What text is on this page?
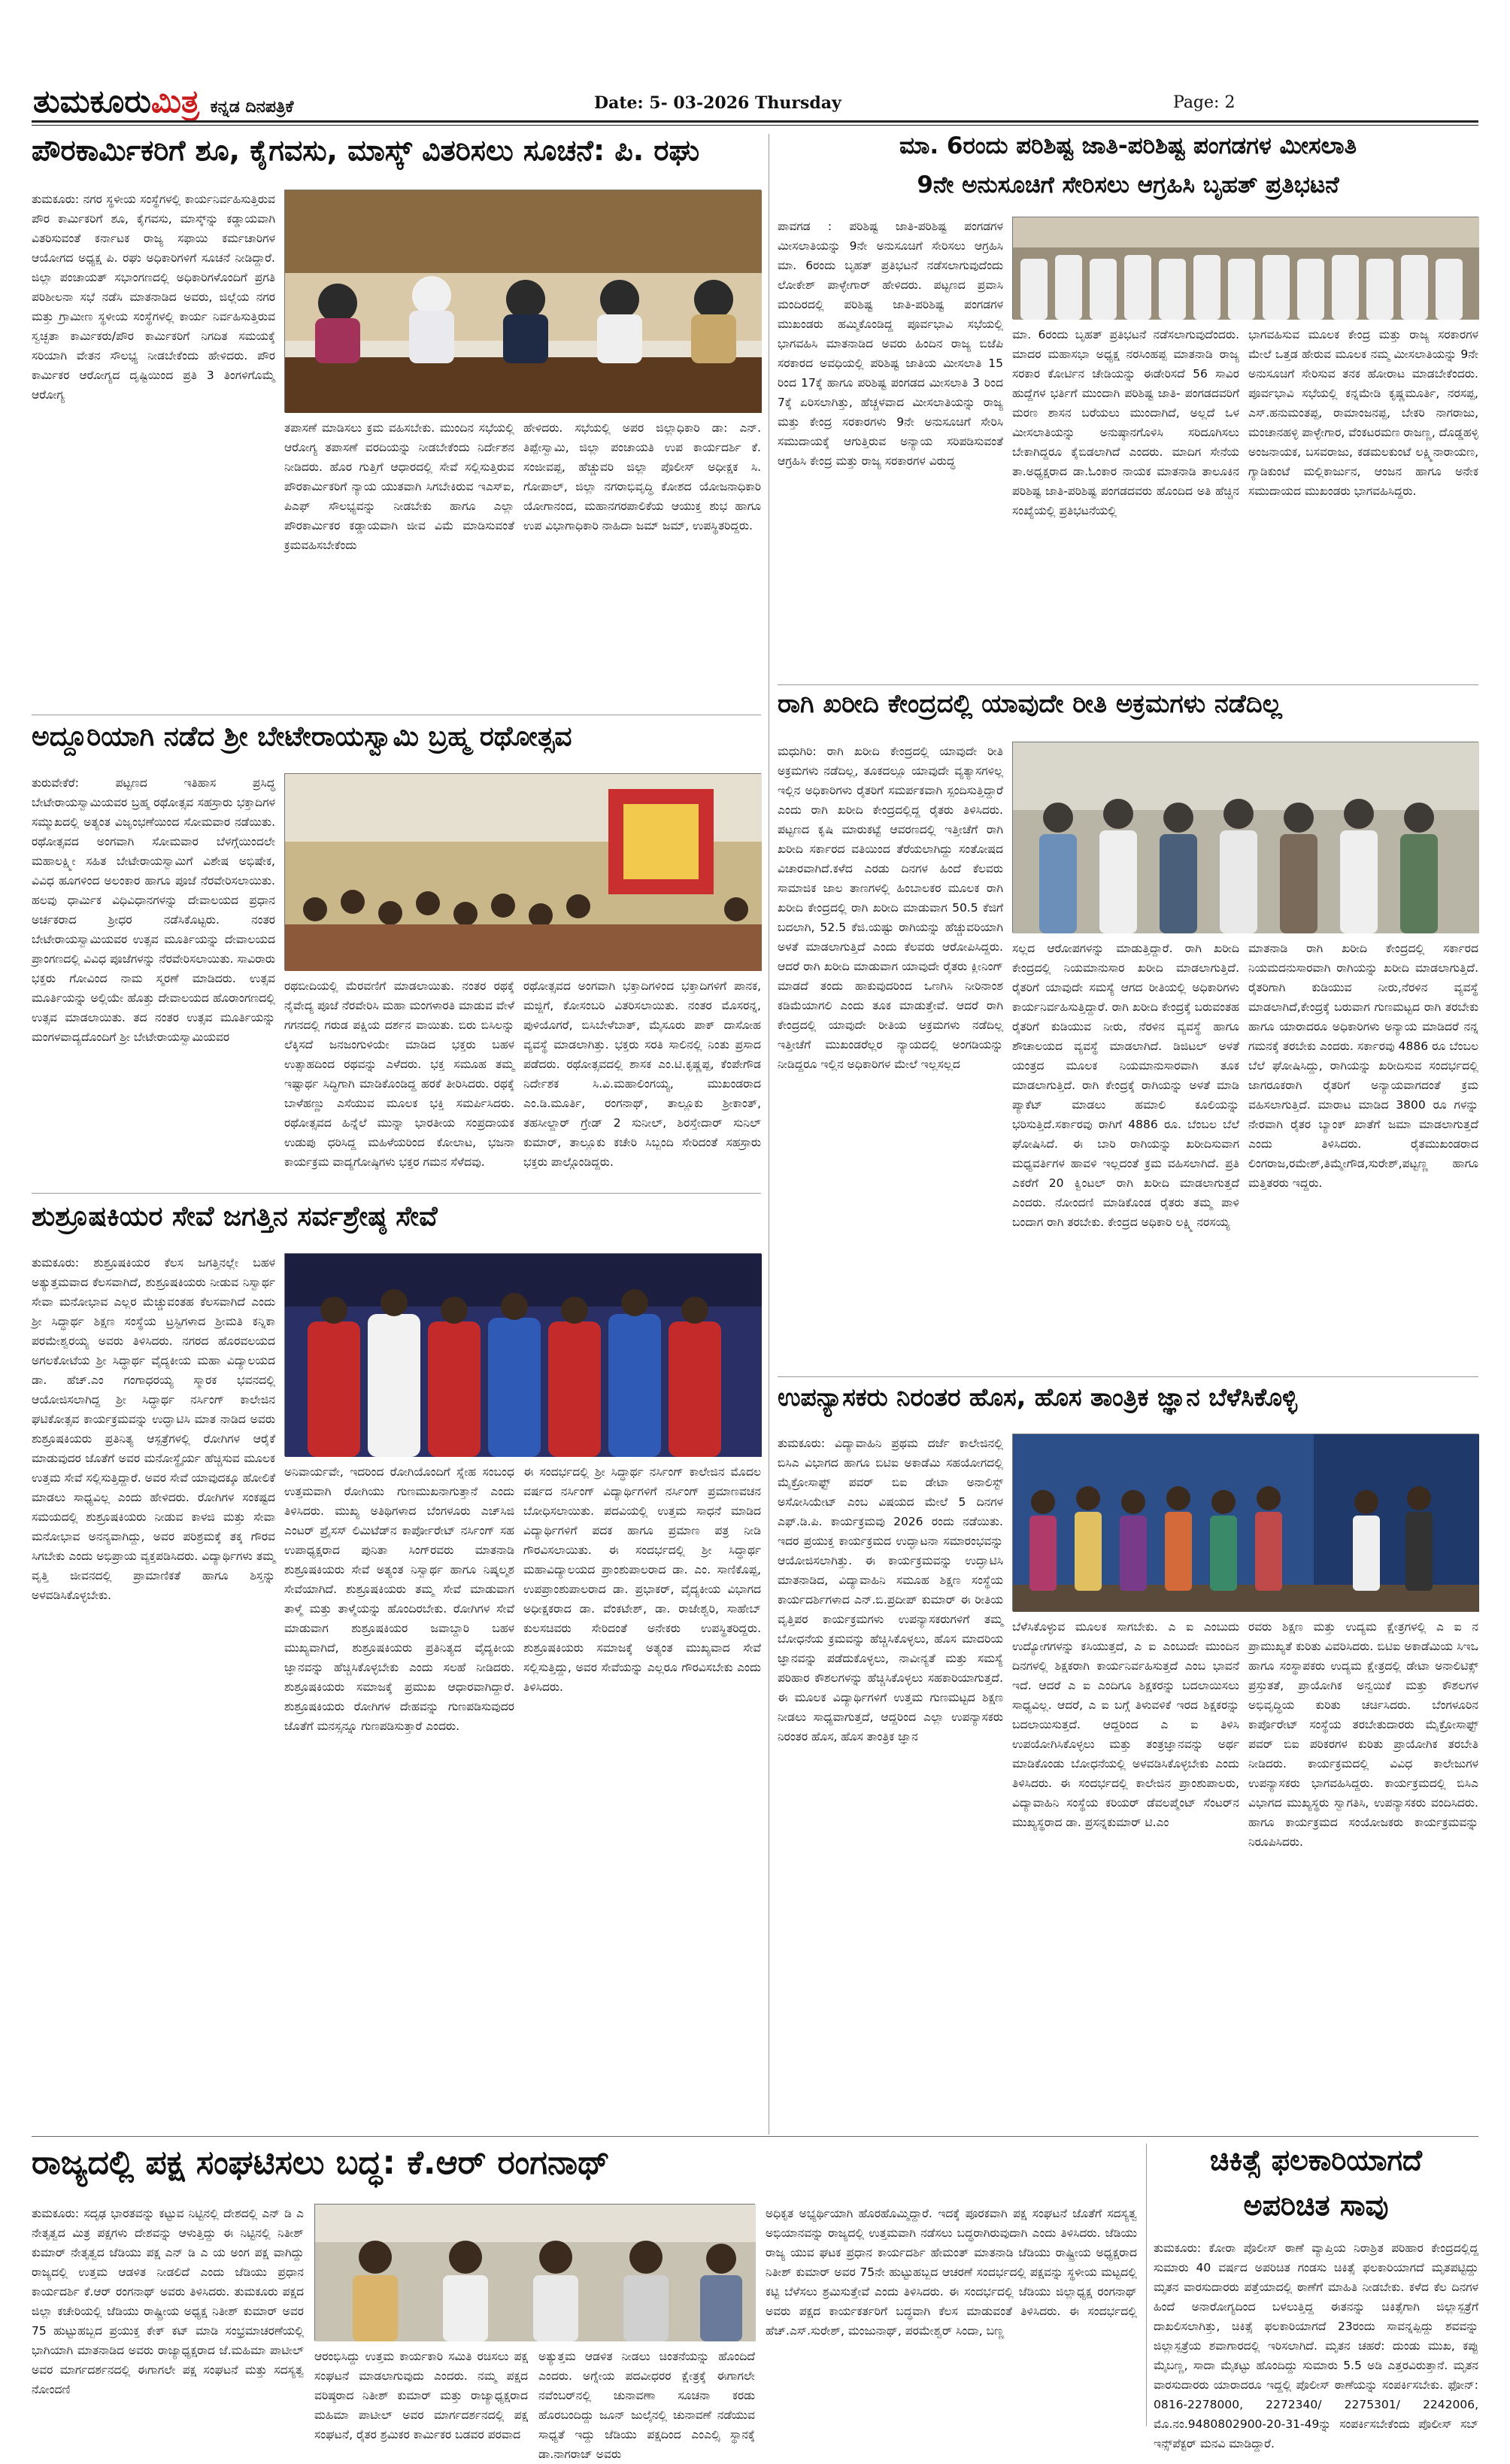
ತುಮಕೂರುಮಿತ್ರ ಕನ್ನಡ ದಿನಪತ್ರಿಕೆ	Date: 5- 03-2026 Thursday	Page: 2
ಪೌರಕಾರ್ಮಿಕರಿಗೆ ಶೂ, ಕೈಗವಸು, ಮಾಸ್ಕ್ ವಿತರಿಸಲು ಸೂಚನೆ: ಪಿ. ರಘು
ತುಮಕೂರು: ನಗರ ಸ್ಥಳೀಯ ಸಂಸ್ಥೆಗಳಲ್ಲಿ ಕಾರ್ಯನಿರ್ವಹಿಸುತ್ತಿರುವ ಪೌರ ಕಾರ್ಮಿಕರಿಗೆ ಶೂ, ಕೈಗವಸು, ಮಾಸ್ಕ್‌ನ್ನು ಕಡ್ಡಾಯವಾಗಿ ವಿತರಿಸುವಂತೆ ಕರ್ನಾಟಕ ರಾಜ್ಯ ಸಫಾಯಿ ಕರ್ಮಚಾರಿಗಳ ಆಯೋಗದ ಅಧ್ಯಕ್ಷ ಪಿ. ರಘು ಅಧಿಕಾರಿಗಳಿಗೆ ಸೂಚನೆ ನೀಡಿದ್ದಾರೆ. ಜಿಲ್ಲಾ ಪಂಚಾಯತ್ ಸಭಾಂಗಣದಲ್ಲಿ ಅಧಿಕಾರಿಗಳೊಂದಿಗೆ ಪ್ರಗತಿ ಪರಿಶೀಲನಾ ಸಭೆ ನಡೆಸಿ ಮಾತನಾಡಿದ ಅವರು, ಜಿಲ್ಲೆಯ ನಗರ ಮತ್ತು ಗ್ರಾಮೀಣ ಸ್ಥಳೀಯ ಸಂಸ್ಥೆಗಳಲ್ಲಿ ಕಾರ್ಯ ನಿರ್ವಹಿಸುತ್ತಿರುವ ಸ್ವಚ್ಛತಾ ಕಾರ್ಮಿಕರು/ಪೌರ ಕಾರ್ಮಿಕರಿಗೆ ನಿಗದಿತ ಸಮಯಕ್ಕೆ ಸರಿಯಾಗಿ ವೇತನ ಸೌಲಭ್ಯ ನೀಡಬೇಕೆಂದು ಹೇಳಿದರು. ಪೌರ ಕಾರ್ಮಿಕರ ಆರೋಗ್ಯದ ದೃಷ್ಟಿಯಿಂದ ಪ್ರತಿ 3 ತಿಂಗಳಿಗೊಮ್ಮೆ ಆರೋಗ್ಯ
ತಪಾಸಣೆ ಮಾಡಿಸಲು ಕ್ರಮ ವಹಿಸಬೇಕು. ಮುಂದಿನ ಸಭೆಯಲ್ಲಿ ಆರೋಗ್ಯ ತಪಾಸಣೆ ವರದಿಯನ್ನು ನೀಡಬೇಕೆಂದು ನಿರ್ದೇಶನ ನೀಡಿದರು. ಹೊರ ಗುತ್ತಿಗೆ ಆಧಾರದಲ್ಲಿ ಸೇವೆ ಸಲ್ಲಿಸುತ್ತಿರುವ ಪೌರಕಾರ್ಮಿಕರಿಗೆ ನ್ಯಾಯ ಯುತವಾಗಿ ಸಿಗಬೇಕಿರುವ ಇಎಸ್‌ಐ, ಪಿಎಫ್ ಸೌಲಭ್ಯವನ್ನು ನೀಡಬೇಕು ಹಾಗೂ ಎಲ್ಲಾ ಪೌರಕಾರ್ಮಿಕರ ಕಡ್ಡಾಯವಾಗಿ ಜೀವ ವಿಮೆ ಮಾಡಿಸುವಂತೆ ಕ್ರಮವಹಿಸಬೇಕೆಂದು
ಹೇಳಿದರು. ಸಭೆಯಲ್ಲಿ ಅಪರ ಜಿಲ್ಲಾಧಿಕಾರಿ ಡಾ: ಎನ್. ತಿಪ್ಪೇಸ್ವಾಮಿ, ಜಿಲ್ಲಾ ಪಂಚಾಯತಿ ಉಪ ಕಾರ್ಯದರ್ಶಿ ಕೆ. ಸಂಜೀವಪ್ಪ, ಹೆಚ್ಚುವರಿ ಜಿಲ್ಲಾ ಪೊಲೀಸ್ ಅಧೀಕ್ಷಕ ಸಿ. ಗೋಪಾಲ್, ಜಿಲ್ಲಾ ನಗರಾಭಿವೃದ್ಧಿ ಕೋಶದ ಯೋಜನಾಧಿಕಾರಿ ಯೋಗಾನಂದ, ಮಹಾನಗರಪಾಲಿಕೆಯ ಆಯುಕ್ತ ಶುಭ ಹಾಗೂ ಉಪ ವಿಭಾಗಾಧಿಕಾರಿ ನಾಹಿದಾ ಜಮ್ ಜಮ್, ಉಪಸ್ಥಿತರಿದ್ದರು.
ಅದ್ದೂರಿಯಾಗಿ ನಡೆದ ಶ್ರೀ ಬೇಟೇರಾಯಸ್ವಾಮಿ ಬ್ರಹ್ಮ ರಥೋತ್ಸವ
ತುರುವೇಕೆರೆ: ಪಟ್ಟಣದ ಇತಿಹಾಸ ಪ್ರಸಿದ್ಧ ಬೇಟೇರಾಯಸ್ವಾಮಿಯವರ ಬ್ರಹ್ಮ ರಥೋತ್ಸವ ಸಹಸ್ರಾರು ಭಕ್ತಾದಿಗಳ ಸಮ್ಮುಖದಲ್ಲಿ ಅತ್ಯಂತ ವಿಜೃಂಭಣೆಯಿಂದ ಸೋಮವಾರ ನಡೆಯಿತು. ರಥೋತ್ಸವದ ಅಂಗವಾಗಿ ಸೋಮವಾರ ಬೆಳಗ್ಗೆಯಿಂದಲೇ ಮಹಾಲಕ್ಷ್ಮೀ ಸಹಿತ ಬೇಟೇರಾಯಸ್ವಾಮಿಗೆ ವಿಶೇಷ ಅಭಿಷೇಕ, ವಿವಿಧ ಹೂಗಳಿಂದ ಅಲಂಕಾರ ಹಾಗೂ ಪೂಜೆ ನೆರವೇರಿಸಲಾಯಿತು. ಹಲವು ಧಾರ್ಮಿಕ ವಿಧಿವಿಧಾನಗಳನ್ನು ದೇವಾಲಯದ ಪ್ರಧಾನ ಅರ್ಚಕರಾದ ಶ್ರೀಧರ ನಡೆಸಿಕೊಟ್ಟರು. ನಂತರ ಬೇಟೇರಾಯಸ್ವಾಮಿಯವರ ಉತ್ಸವ ಮೂರ್ತಿಯನ್ನು ದೇವಾಲಯದ ಪ್ರಾಂಗಣದಲ್ಲಿ ವಿವಿಧ ಪೂಜೆಗಳನ್ನು ನೆರವೇರಿಸಲಾಯಿತು. ಸಾವಿರಾರು ಭಕ್ತರು ಗೋವಿಂದ ನಾಮ ಸ್ಮರಣೆ ಮಾಡಿದರು. ಉತ್ಸವ ಮೂರ್ತಿಯನ್ನು ಅಲ್ಲಿಯೇ ಹೊತ್ತು ದೇವಾಲಯದ ಹೊರಾಂಗಣದಲ್ಲಿ ಉತ್ಸವ ಮಾಡಲಾಯಿತು. ತದ ನಂತರ ಉತ್ಸವ ಮೂರ್ತಿಯನ್ನು ಮಂಗಳವಾದ್ಯದೊಂದಿಗೆ ಶ್ರೀ ಬೇಟೇರಾಯಸ್ವಾಮಿಯವರ
ರಥಬೀದಿಯಲ್ಲಿ ಮೆರವಣಿಗೆ ಮಾಡಲಾಯಿತು. ನಂತರ ರಥಕ್ಕೆ ನೈವೇದ್ಯ ಪೂಜೆ ನೆರವೇರಿಸಿ ಮಹಾ ಮಂಗಳಾರತಿ ಮಾಡುವ ವೇಳೆ ಗಗನದಲ್ಲಿ ಗರುಡ ಪಕ್ಷಿಯ ದರ್ಶನ ವಾಯಿತು. ಬಿರು ಬಿಸಿಲನ್ನು ಲೆಕ್ಕಿಸದೆ ಜನಜಂಗುಳಿಯೇ ಮಾಡಿದ ಭಕ್ತರು ಬಹಳ ಉತ್ಸಾಹದಿಂದ ರಥವನ್ನು ಎಳೆದರು. ಭಕ್ತ ಸಮೂಹ ತಮ್ಮ ಇಷ್ಟಾರ್ಥ ಸಿದ್ಧಿಗಾಗಿ ಮಾಡಿಕೊಂಡಿದ್ದ ಹರಕೆ ತೀರಿಸಿದರು. ರಥಕ್ಕೆ ಬಾಳೆಹಣ್ಣು ಎಸೆಯುವ ಮೂಲಕ ಭಕ್ತಿ ಸಮರ್ಪಿಸಿದರು. ರಥೋತ್ಸವದ ಹಿನ್ನೆಲೆ ಮುನ್ನಾ ಭಾರತೀಯ ಸಂಪ್ರದಾಯಕ ಉಡುಪು ಧರಿಸಿದ್ದ ಮಹಿಳೆಯರಿಂದ ಕೋಲಾಟ, ಭಜನಾ ಕಾರ್ಯಕ್ರಮ ವಾದ್ಯಗೋಷ್ಠಿಗಳು ಭಕ್ತರ ಗಮನ ಸೆಳೆದವು.
ರಥೋತ್ಸವದ ಅಂಗವಾಗಿ ಭಕ್ತಾದಿಗಳಿಂದ ಭಕ್ತಾದಿಗಳಿಗೆ ಪಾನಕ, ಮಜ್ಜಿಗೆ, ಕೋಸಂಬರಿ ವಿತರಿಸಲಾಯಿತು. ನಂತರ ಮೊಸರನ್ನ, ಪುಳಿಯೊಗರೆ, ಬಿಸಿಬೇಳೆಬಾತ್, ಮೈಸೂರು ಪಾಕ್ ದಾಸೋಹ ವ್ಯವಸ್ಥೆ ಮಾಡಲಾಗಿತ್ತು. ಭಕ್ತರು ಸರತಿ ಸಾಲಿನಲ್ಲಿ ನಿಂತು ಪ್ರಸಾದ ಪಡೆದರು. ರಥೋತ್ಸವದಲ್ಲಿ ಶಾಸಕ ಎಂ.ಟಿ.ಕೃಷ್ಣಪ್ಪ, ಕೆಂಪೇಗೌಡ ನಿರ್ದೇಶಕ ಸಿ.ವಿ.ಮಹಾಲಿಂಗಯ್ಯ, ಮುಖಂಡರಾದ ಎಂ.ಡಿ.ಮೂರ್ತಿ, ರಂಗನಾಥ್, ತಾಲ್ಲೂಕು ಶ್ರೀಕಾಂತ್, ತಹಸೀಲ್ದಾರ್ ಗ್ರೇಡ್ 2 ಸುನೀಲ್, ಶಿರಸ್ತೇದಾರ್ ಸುನಿಲ್ ಕುಮಾರ್, ತಾಲ್ಲೂಕು ಕಚೇರಿ ಸಿಬ್ಬಂದಿ ಸೇರಿದಂತೆ ಸಹಸ್ರಾರು ಭಕ್ತರು ಪಾಲ್ಗೊಂಡಿದ್ದರು.
ಶುಶ್ರೂಷಕಿಯರ ಸೇವೆ ಜಗತ್ತಿನ ಸರ್ವಶ್ರೇಷ್ಠ ಸೇವೆ
ತುಮಕೂರು: ಶುಶ್ರೂಷಕಿಯರ ಕೆಲಸ ಜಗತ್ತಿನಲ್ಲೇ ಬಹಳ ಅತ್ಯುತ್ತಮವಾದ ಕೆಲಸವಾಗಿದೆ, ಶುಶ್ರೂಷಕಿಯರು ನೀಡುವ ನಿಸ್ವಾರ್ಥ ಸೇವಾ ಮನೋಭಾವ ಎಲ್ಲರ ಮೆಚ್ಚುವಂತಹ ಕೆಲಸವಾಗಿದೆ ಎಂದು ಶ್ರೀ ಸಿದ್ಧಾರ್ಥ ಶಿಕ್ಷಣ ಸಂಸ್ಥೆಯ ಟ್ರಸ್ಟಿಗಳಾದ ಶ್ರೀಮತಿ ಕನ್ನಿಕಾ ಪರಮೇಶ್ವರಯ್ಯ ಅವರು ತಿಳಿಸಿದರು. ನಗರದ ಹೊರವಲಯದ ಅಗಲಕೋಟೆಯ ಶ್ರೀ ಸಿದ್ಧಾರ್ಥ ವೈದ್ಯಕೀಯ ಮಹಾ ವಿದ್ಯಾಲಯದ ಡಾ. ಹೆಚ್.ಎಂ ಗಂಗಾಧರಯ್ಯ ಸ್ಮಾರಕ ಭವನದಲ್ಲಿ ಆಯೋಜಿಸಲಾಗಿದ್ದ ಶ್ರೀ ಸಿದ್ಧಾರ್ಥ ನರ್ಸಿಂಗ್ ಕಾಲೇಜಿನ ಘಟಿಕೋತ್ಸವ ಕಾರ್ಯಕ್ರಮವನ್ನು ಉದ್ಘಾಟಿಸಿ ಮಾತ ನಾಡಿದ ಅವರು ಶುಶ್ರೂಷಕಿಯರು ಪ್ರತಿನಿತ್ಯ ಆಸ್ಪತ್ರೆಗಳಲ್ಲಿ ರೋಗಿಗಳ ಆರೈಕೆ ಮಾಡುವುದರ ಜೊತೆಗೆ ಅವರ ಮನೋಸ್ಥೈರ್ಯ ಹೆಚ್ಚಿಸುವ ಮೂಲಕ ಉತ್ತಮ ಸೇವೆ ಸಲ್ಲಿಸುತ್ತಿದ್ದಾರೆ. ಅವರ ಸೇವೆ ಯಾವುದಕ್ಕೂ ಹೋಲಿಕೆ ಮಾಡಲು ಸಾಧ್ಯವಿಲ್ಲ ಎಂದು ಹೇಳಿದರು. ರೋಗಿಗಳ ಸಂಕಷ್ಟದ ಸಮಯದಲ್ಲಿ ಶುಶ್ರೂಷಕಿಯರು ನೀಡುವ ಕಾಳಜಿ ಮತ್ತು ಸೇವಾ ಮನೋಭಾವ ಅನನ್ಯವಾಗಿದ್ದು, ಅವರ ಪರಿಶ್ರಮಕ್ಕೆ ತಕ್ಕ ಗೌರವ ಸಿಗಬೇಕು ಎಂದು ಅಭಿಪ್ರಾಯ ವ್ಯಕ್ತಪಡಿಸಿದರು. ವಿದ್ಯಾರ್ಥಿಗಳು ತಮ್ಮ ವೃತ್ತಿ ಜೀವನದಲ್ಲಿ ಪ್ರಾಮಾಣಿಕತೆ ಹಾಗೂ ಶಿಸ್ತನ್ನು ಅಳವಡಿಸಿಕೊಳ್ಳಬೇಕು.
ಅನಿವಾರ್ಯವೇ, ಇದರಿಂದ ರೋಗಿಯೊಂದಿಗೆ ಸ್ನೇಹ ಸಂಬಂಧ ಉತ್ತಮವಾಗಿ ರೋಗಿಯು ಗುಣಮುಖನಾಗುತ್ತಾನೆ ಎಂದು ತಿಳಿಸಿದರು. ಮುಖ್ಯ ಅತಿಥಿಗಳಾದ ಬೆಂಗಳೂರು ಎಚ್‌ಸಿಜಿ ಎಂಟರ್ ಪ್ರೈಸಸ್ ಲಿಮಿಟೆಡ್‌ನ ಕಾರ್ಪೋರೇಟ್ ನರ್ಸಿಂಗ್ ಸಹ ಉಪಾಧ್ಯಕ್ಷರಾದ ಪುನಿತಾ ಸಿಂಗ್‌ರವರು ಮಾತನಾಡಿ ಶುಶ್ರೂಷಕಿಯರು ಸೇವೆ ಅತ್ಯಂತ ನಿಸ್ವಾರ್ಥ ಹಾಗೂ ನಿಷ್ಕಲ್ಮಶ ಸೇವೆಯಾಗಿದೆ. ಶುಶ್ರೂಷಕಿಯರು ತಮ್ಮ ಸೇವೆ ಮಾಡುವಾಗ ತಾಳ್ಮೆ ಮತ್ತು ತಾಳ್ಮೆಯನ್ನು ಹೊಂದಿರಬೇಕು. ರೋಗಿಗಳ ಸೇವೆ ಮಾಡುವಾಗ ಶುಶ್ರೂಷಕಿಯರ ಜವಾಬ್ದಾರಿ ಬಹಳ ಮುಖ್ಯವಾಗಿದೆ, ಶುಶ್ರೂಷಕಿಯರು ಪ್ರತಿನಿತ್ಯದ ವೈದ್ಯಕೀಯ ಜ್ಞಾನವನ್ನು ಹೆಚ್ಚಿಸಿಕೊಳ್ಳಬೇಕು ಎಂದು ಸಲಹೆ ನೀಡಿದರು. ಶುಶ್ರೂಷಕಿಯರು ಸಮಾಜಕ್ಕೆ ಪ್ರಮುಖ ಆಧಾರವಾಗಿದ್ದಾರೆ. ಶುಶ್ರೂಷಕಿಯರು ರೋಗಿಗಳ ದೇಹವನ್ನು ಗುಣಪಡಿಸುವುದರ ಜೊತೆಗೆ ಮನಸ್ಸನ್ನೂ ಗುಣಪಡಿಸುತ್ತಾರೆ ಎಂದರು.
ಈ ಸಂದರ್ಭದಲ್ಲಿ ಶ್ರೀ ಸಿದ್ಧಾರ್ಥ ನರ್ಸಿಂಗ್ ಕಾಲೇಜಿನ ಮೊದಲ ವರ್ಷದ ನರ್ಸಿಂಗ್ ವಿದ್ಯಾರ್ಥಿಗಳಿಗೆ ನರ್ಸಿಂಗ್ ಪ್ರಮಾಣವಚನ ಬೋಧಿಸಲಾಯಿತು. ಪದವಿಯಲ್ಲಿ ಉತ್ತಮ ಸಾಧನೆ ಮಾಡಿದ ವಿದ್ಯಾರ್ಥಿಗಳಿಗೆ ಪದಕ ಹಾಗೂ ಪ್ರಮಾಣ ಪತ್ರ ನೀಡಿ ಗೌರವಿಸಲಾಯಿತು. ಈ ಸಂದರ್ಭದಲ್ಲಿ ಶ್ರೀ ಸಿದ್ಧಾರ್ಥ ಮಹಾವಿದ್ಯಾಲಯದ ಪ್ರಾಂಶುಪಾಲರಾದ ಡಾ. ಎಂ. ಸಾಣಿಕೊಪ್ಪ, ಉಪಪ್ರಾಂಶುಪಾಲರಾದ ಡಾ. ಪ್ರಭಾಕರ್, ವೈದ್ಯಕೀಯ ವಿಭಾಗದ ಅಧೀಕ್ಷಕರಾದ ಡಾ. ವೆಂಕಟೇಶ್, ಡಾ. ರಾಜೇಶ್ವರಿ, ಸಾಹೇಬ್ ಕುಲಸಚಿವರು ಸೇರಿದಂತೆ ಅನೇಕರು ಉಪಸ್ಥಿತರಿದ್ದರು. ಶುಶ್ರೂಷಕಿಯರು ಸಮಾಜಕ್ಕೆ ಅತ್ಯಂತ ಮುಖ್ಯವಾದ ಸೇವೆ ಸಲ್ಲಿಸುತ್ತಿದ್ದು, ಅವರ ಸೇವೆಯನ್ನು ಎಲ್ಲರೂ ಗೌರವಿಸಬೇಕು ಎಂದು ತಿಳಿಸಿದರು.
ಮಾ. 6ರಂದು ಪರಿಶಿಷ್ಟ ಜಾತಿ-ಪರಿಶಿಷ್ಟ ಪಂಗಡಗಳ ಮೀಸಲಾತಿ
9ನೇ ಅನುಸೂಚಿಗೆ ಸೇರಿಸಲು ಆಗ್ರಹಿಸಿ ಬೃಹತ್ ಪ್ರತಿಭಟನೆ
ಪಾವಗಡ : ಪರಿಶಿಷ್ಟ ಜಾತಿ-ಪರಿಶಿಷ್ಟ ಪಂಗಡಗಳ ಮೀಸಲಾತಿಯನ್ನು 9ನೇ ಅನುಸೂಚಿಗೆ ಸೇರಿಸಲು ಆಗ್ರಹಿಸಿ ಮಾ. 6ರಂದು ಬೃಹತ್ ಪ್ರತಿಭಟನೆ ನಡೆಸಲಾಗುವುದೆಂದು ಲೋಕೇಶ್ ಪಾಳ್ಳೇಗಾರ್ ಹೇಳಿದರು. ಪಟ್ಟಣದ ಪ್ರವಾಸಿ ಮಂದಿರದಲ್ಲಿ ಪರಿಶಿಷ್ಟ ಜಾತಿ-ಪರಿಶಿಷ್ಟ ಪಂಗಡಗಳ ಮುಖಂಡರು ಹಮ್ಮಿಕೊಂಡಿದ್ದ ಪೂರ್ವಭಾವಿ ಸಭೆಯಲ್ಲಿ ಭಾಗವಹಿಸಿ ಮಾತನಾಡಿದ ಅವರು ಹಿಂದಿನ ರಾಜ್ಯ ಬಿಜೆಪಿ ಸರಕಾರದ ಅವಧಿಯಲ್ಲಿ ಪರಿಶಿಷ್ಟ ಜಾತಿಯ ಮೀಸಲಾತಿ 15 ರಿಂದ 17ಕ್ಕೆ ಹಾಗೂ ಪರಿಶಿಷ್ಟ ಪಂಗಡದ ಮೀಸಲಾತಿ 3 ರಿಂದ 7ಕ್ಕೆ ಏರಿಸಲಾಗಿತ್ತು, ಹೆಚ್ಚಳವಾದ ಮೀಸಲಾತಿಯನ್ನು ರಾಜ್ಯ ಮತ್ತು ಕೇಂದ್ರ ಸರಕಾರಗಳು 9ನೇ ಅನುಸೂಚಿಗೆ ಸೇರಿಸಿ ಸಮುದಾಯಕ್ಕೆ ಆಗುತ್ತಿರುವ ಅನ್ಯಾಯ ಸರಿಪಡಿಸುವಂತೆ ಆಗ್ರಹಿಸಿ ಕೇಂದ್ರ ಮತ್ತು ರಾಜ್ಯ ಸರಕಾರಗಳ ವಿರುದ್ಧ
ಮಾ. 6ರಂದು ಬೃಹತ್ ಪ್ರತಿಭಟನೆ ನಡೆಸಲಾಗುವುದೆಂದರು. ಮಾದರ ಮಹಾಸಭಾ ಅಧ್ಯಕ್ಷ ನರಸಿಂಹಪ್ಪ ಮಾತನಾಡಿ ರಾಜ್ಯ ಸರಕಾರ ಕೋರ್ಟಿನ ಚೇಡಿಯನ್ನು ಈಡೇರಿಸದೆ 56 ಸಾವಿರ ಹುದ್ದೆಗಳ ಭರ್ತಿಗೆ ಮುಂದಾಗಿ ಪರಿಶಿಷ್ಟ ಜಾತಿ- ಪಂಗಡದವರಿಗೆ ಮರಣ ಶಾಸನ ಬರೆಯಲು ಮುಂದಾಗಿದೆ, ಅಲ್ಲದೆ ಒಳ ಮೀಸಲಾತಿಯನ್ನು ಅನುಷ್ಠಾನಗೊಳಿಸಿ ಸರಿದೂಗಿಸಲು ಬೇಕಾಗಿದ್ದರೂ ಕೈಬಿಡಲಾಗಿದೆ ಎಂದರು. ಮಾದಿಗ ಸೇನೆಯ ತಾ.ಅಧ್ಯಕ್ಷರಾದ ಡಾ.ಓಂಕಾರ ನಾಯಕ ಮಾತನಾಡಿ ತಾಲೂಕಿನ ಪರಿಶಿಷ್ಟ ಜಾತಿ-ಪರಿಶಿಷ್ಟ ಪಂಗಡದವರು ಹೊಂದಿದ ಅತಿ ಹೆಚ್ಚಿನ ಸಂಖ್ಯೆಯಲ್ಲಿ ಪ್ರತಿಭಟನೆಯಲ್ಲಿ
ಭಾಗವಹಿಸುವ ಮೂಲಕ ಕೇಂದ್ರ ಮತ್ತು ರಾಜ್ಯ ಸರಕಾರಗಳ ಮೇಲೆ ಒತ್ತಡ ಹೇರುವ ಮೂಲಕ ನಮ್ಮ ಮೀಸಲಾತಿಯನ್ನು 9ನೇ ಅನುಸೂಚಿಗೆ ಸೇರಿಸುವ ತನಕ ಹೋರಾಟ ಮಾಡಬೇಕೆಂದರು. ಪೂರ್ವಭಾವಿ ಸಭೆಯಲ್ಲಿ ಕನ್ನಮೇಡಿ ಕೃಷ್ಣಮೂರ್ತಿ, ನರಸಪ್ಪ, ಎಸ್.ಹನುಮಂತಪ್ಪ, ರಾಮಾಂಜನಪ್ಪ, ಬೇಕರಿ ನಾಗರಾಜು, ಮಂಚಾನಹಳ್ಳಿ ಪಾಳ್ಳೇಗಾರ, ವೆಂಕಟರಮಣ ರಾಜಣ್ಣ, ದೊಡ್ಡಹಳ್ಳಿ ಅಂಜನಾಯಕ, ಬಸವರಾಜು, ಕಡಮಲಕುಂಟೆ ಲಕ್ಷ್ಮಿನಾರಾಯಣ, ಗ್ಯಾಡಿಕುಂಟೆ ಮಲ್ಲಿಕಾರ್ಜುನ, ಆಂಜನ ಹಾಗೂ ಅನೇಕ ಸಮುದಾಯದ ಮುಖಂಡರು ಭಾಗವಹಿಸಿದ್ದರು.
ರಾಗಿ ಖರೀದಿ ಕೇಂದ್ರದಲ್ಲಿ ಯಾವುದೇ ರೀತಿ ಅಕ್ರಮಗಳು ನಡೆದಿಲ್ಲ
ಮಧುಗಿರಿ: ರಾಗಿ ಖರೀದಿ ಕೇಂದ್ರದಲ್ಲಿ ಯಾವುದೇ ರೀತಿ ಅಕ್ರಮಗಳು ನಡೆದಿಲ್ಲ, ತೂಕದಲ್ಲೂ ಯಾವುದೇ ವ್ಯತ್ಯಾಸಗಳಿಲ್ಲ ಇಲ್ಲಿನ ಅಧಿಕಾರಿಗಳು ರೈತರಿಗೆ ಸಮರ್ಪಕವಾಗಿ ಸ್ಪಂದಿಸುತ್ತಿದ್ದಾರೆ ಎಂದು ರಾಗಿ ಖರೀದಿ ಕೇಂದ್ರದಲ್ಲಿದ್ದ ರೈತರು ತಿಳಿಸಿದರು. ಪಟ್ಟಣದ ಕೃಷಿ ಮಾರುಕಟ್ಟೆ ಆವರಣದಲ್ಲಿ ಇತ್ತೀಚೆಗೆ ರಾಗಿ ಖರೀದಿ ಸರ್ಕಾರದ ವತಿಯಿಂದ ತೆರೆಯಲಾಗಿದ್ದು ಸಂತೋಷದ ವಿಚಾರವಾಗಿದೆ.ಕಳೆದ ಎರಡು ದಿನಗಳ ಹಿಂದೆ ಕೆಲವರು ಸಾಮಾಜಿಕ ಜಾಲ ತಾಣಗಳಲ್ಲಿ ಹಿಂಬಾಲಕರ ಮೂಲಕ ರಾಗಿ ಖರೀದಿ ಕೇಂದ್ರದಲ್ಲಿ ರಾಗಿ ಖರೀದಿ ಮಾಡುವಾಗ 50.5 ಕೆಜಿಗೆ ಬದಲಾಗಿ, 52.5 ಕೆಜಿ.ಯಷ್ಟು ರಾಗಿಯನ್ನು ಹೆಚ್ಚುವರಿಯಾಗಿ ಅಳತೆ ಮಾಡಲಾಗುತ್ತಿದೆ ಎಂದು ಕೆಲವರು ಆರೋಪಿಸಿದ್ದರು. ಆದರೆ ರಾಗಿ ಖರೀದಿ ಮಾಡುವಾಗ ಯಾವುದೇ ರೈತರು ಕ್ಲೀನಿಂಗ್ ಮಾಡದೆ ತಂದು ಹಾಕುವುದರಿಂದ ಒಣಗಿಸಿ ನೀರಿನಾಂಶ ಕಡಿಮೆಯಾಗಲಿ ಎಂದು ತೂಕ ಮಾಡುತ್ತೇವೆ. ಆದರೆ ರಾಗಿ ಕೇಂದ್ರದಲ್ಲಿ ಯಾವುದೇ ರೀತಿಯ ಅಕ್ರಮಗಳು ನಡೆದಿಲ್ಲ ಇತ್ತೀಚೆಗೆ ಮುಖಂಡರೆಲ್ಲರ ನ್ಯಾಯದಲ್ಲಿ ಅಂಗಡಿಯನ್ನು ನೀಡಿದ್ದರೂ ಇಲ್ಲಿನ ಅಧಿಕಾರಿಗಳ ಮೇಲೆ ಇಲ್ಲಸಲ್ಲದ
ಸಲ್ಲದ ಆರೋಪಗಳನ್ನು ಮಾಡುತ್ತಿದ್ದಾರೆ. ರಾಗಿ ಖರೀದಿ ಕೇಂದ್ರದಲ್ಲಿ ನಿಯಮಾನುಸಾರ ಖರೀದಿ ಮಾಡಲಾಗುತ್ತಿದೆ. ರೈತರಿಗೆ ಯಾವುದೇ ಸಮಸ್ಯೆ ಆಗದ ರೀತಿಯಲ್ಲಿ ಅಧಿಕಾರಿಗಳು ಕಾರ್ಯನಿರ್ವಹಿಸುತ್ತಿದ್ದಾರೆ. ರಾಗಿ ಖರೀದಿ ಕೇಂದ್ರಕ್ಕೆ ಬರುವಂತಹ ರೈತರಿಗೆ ಕುಡಿಯುವ ನೀರು, ನೆರಳಿನ ವ್ಯವಸ್ಥೆ ಹಾಗೂ ಶೌಚಾಲಯದ ವ್ಯವಸ್ಥೆ ಮಾಡಲಾಗಿದೆ. ಡಿಜಿಟಲ್ ಅಳತೆ ಯಂತ್ರದ ಮೂಲಕ ನಿಯಮಾನುಸಾರವಾಗಿ ತೂಕ ಮಾಡಲಾಗುತ್ತಿದೆ. ರಾಗಿ ಕೇಂದ್ರಕ್ಕೆ ರಾಗಿಯನ್ನು ಅಳತೆ ಮಾಡಿ ಪ್ಯಾಕೆಟ್ ಮಾಡಲು ಹಮಾಲಿ ಕೂಲಿಯನ್ನು ಭರಿಸುತ್ತಿದೆ.ಸರ್ಕಾರವು ರಾಗಿಗೆ 4886 ರೂ. ಬೆಂಬಲ ಬೆಲೆ ಘೋಷಿಸಿದೆ. ಈ ಬಾರಿ ರಾಗಿಯನ್ನು ಖರೀದಿಸುವಾಗ ಮಧ್ಯವರ್ತಿಗಳ ಹಾವಳಿ ಇಲ್ಲದಂತೆ ಕ್ರಮ ವಹಿಸಲಾಗಿದೆ. ಪ್ರತಿ ಎಕರೆಗೆ 20 ಕ್ವಿಂಟಲ್ ರಾಗಿ ಖರೀದಿ ಮಾಡಲಾಗುತ್ತದೆ ಎಂದರು. ನೋಂದಣಿ ಮಾಡಿಕೊಂಡ ರೈತರು ತಮ್ಮ ಪಾಳಿ ಬಂದಾಗ ರಾಗಿ ತರಬೇಕು. ಕೇಂದ್ರದ ಅಧಿಕಾರಿ ಲಕ್ಷ್ಮಿ ನರಸಯ್ಯ
ಮಾತನಾಡಿ ರಾಗಿ ಖರೀದಿ ಕೇಂದ್ರದಲ್ಲಿ ಸರ್ಕಾರದ ನಿಯಮದನುಸಾರವಾಗಿ ರಾಗಿಯನ್ನು ಖರೀದಿ ಮಾಡಲಾಗುತ್ತಿದೆ. ರೈತರಿಗಾಗಿ ಕುಡಿಯುವ ನೀರು,ನೆರಳಿನ ವ್ಯವಸ್ಥೆ ಮಾಡಲಾಗಿದೆ,ಕೇಂದ್ರಕ್ಕೆ ಬರುವಾಗ ಗುಣಮಟ್ಟದ ರಾಗಿ ತರಬೇಕು ಹಾಗೂ ಯಾರಾದರೂ ಅಧಿಕಾರಿಗಳು ಅನ್ಯಾಯ ಮಾಡಿದರೆ ನನ್ನ ಗಮನಕ್ಕೆ ತರಬೇಕು ಎಂದರು. ಸರ್ಕಾರವು 4886 ರೂ ಬೆಂಬಲ ಬೆಲೆ ಘೋಷಿಸಿದ್ದು, ರಾಗಿಯನ್ನು ಖರೀದಿಸುವ ಸಂದರ್ಭದಲ್ಲಿ ಜಾಗರೂಕರಾಗಿ ರೈತರಿಗೆ ಅನ್ಯಾಯವಾಗದಂತೆ ಕ್ರಮ ವಹಿಸಲಾಗುತ್ತಿದೆ. ಮಾರಾಟ ಮಾಡಿದ 3800 ರೂ ಗಳನ್ನು ನೇರವಾಗಿ ರೈತರ ಬ್ಯಾಂಕ್ ಖಾತೆಗೆ ಜಮಾ ಮಾಡಲಾಗುತ್ತದೆ ಎಂದು ತಿಳಿಸಿದರು. ರೈತಮುಖಂಡರಾದ ಲಿಂಗರಾಜ,ರಮೇಶ್,ತಿಮ್ಮೇಗೌಡ,ಸುರೇಶ್,ಪಟ್ಟಣ್ಣ ಹಾಗೂ ಮತ್ತಿತರರು ಇದ್ದರು.
ಉಪನ್ಯಾಸಕರು ನಿರಂತರ ಹೊಸ, ಹೊಸ ತಾಂತ್ರಿಕ ಜ್ಞಾನ ಬೆಳೆಸಿಕೊಳ್ಳಿ
ತುಮಕೂರು: ವಿದ್ಯಾವಾಹಿನಿ ಪ್ರಥಮ ದರ್ಜೆ ಕಾಲೇಜಿನಲ್ಲಿ ಬಿಸಿಎ ವಿಭಾಗದ ಹಾಗೂ ಬಿಟಿಐ ಅಕಾಡೆಮಿ ಸಹಯೋಗದಲ್ಲಿ ಮೈಕ್ರೋಸಾಫ್ಟ್ ಪವರ್ ಬಿಐ ಡೇಟಾ ಅನಾಲಿಸ್ಟ್ ಅಸೋಸಿಯೇಟ್ ಎಂಬ ವಿಷಯದ ಮೇಲೆ 5 ದಿನಗಳ ಎಫ್.ಡಿ.ಪಿ. ಕಾರ್ಯಕ್ರಮವು 2026 ರಂದು ನಡೆಯಿತು. ಇದರ ಪ್ರಯುಕ್ತ ಕಾರ್ಯಕ್ರಮದ ಉದ್ಘಾಟನಾ ಸಮಾರಂಭವನ್ನು ಆಯೋಜಿಸಲಾಗಿತ್ತು. ಈ ಕಾರ್ಯಕ್ರಮವನ್ನು ಉದ್ಘಾಟಿಸಿ ಮಾತನಾಡಿದ, ವಿದ್ಯಾವಾಹಿನಿ ಸಮೂಹ ಶಿಕ್ಷಣ ಸಂಸ್ಥೆಯ ಕಾರ್ಯದರ್ಶಿಗಳಾದ ಎನ್.ಬಿ.ಪ್ರದೀಪ್ ಕುಮಾರ್ ಈ ರೀತಿಯ ವೃತ್ತಿಪರ ಕಾರ್ಯಕ್ರಮಗಳು ಉಪನ್ಯಾಸಕರುಗಳಿಗೆ ತಮ್ಮ ಬೋಧನೆಯ ಕ್ರಮವನ್ನು ಹೆಚ್ಚಿಸಿಕೊಳ್ಳಲು, ಹೊಸ ಮಾದರಿಯ ಜ್ಞಾನವನ್ನು ಪಡೆದುಕೊಳ್ಳಲು, ನಾವೀನ್ಯತೆ ಮತ್ತು ಸಮಸ್ಯೆ ಪರಿಹಾರ ಕೌಶಲಗಳನ್ನು ಹೆಚ್ಚಿಸಿಕೊಳ್ಳಲು ಸಹಕಾರಿಯಾಗುತ್ತದೆ. ಈ ಮೂಲಕ ವಿದ್ಯಾರ್ಥಿಗಳಿಗೆ ಉತ್ತಮ ಗುಣಮಟ್ಟದ ಶಿಕ್ಷಣ ನೀಡಲು ಸಾಧ್ಯವಾಗುತ್ತದೆ, ಆದ್ದರಿಂದ ಎಲ್ಲಾ ಉಪನ್ಯಾಸಕರು ನಿರಂತರ ಹೊಸ, ಹೊಸ ತಾಂತ್ರಿಕ ಜ್ಞಾನ
ಬೆಳೆಸಿಕೊಳ್ಳುವ ಮೂಲಕ ಸಾಗಬೇಕು. ಎ ಐ ಎಂಬುದು ಉದ್ಯೋಗಗಳನ್ನು ಕಸಿಯುತ್ತದೆ, ಎ ಐ ಎಂಬುದೇ ಮುಂದಿನ ದಿನಗಳಲ್ಲಿ ಶಿಕ್ಷಕರಾಗಿ ಕಾರ್ಯನಿರ್ವಹಿಸುತ್ತದೆ ಎಂಬ ಭಾವನೆ ಇದೆ. ಆದರೆ ಎ ಐ ಎಂದಿಗೂ ಶಿಕ್ಷಕರನ್ನು ಬದಲಾಯಿಸಲು ಸಾಧ್ಯವಿಲ್ಲ. ಆದರೆ, ಎ ಐ ಬಗ್ಗೆ ತಿಳುವಳಿಕೆ ಇರದ ಶಿಕ್ಷಕರನ್ನು ಬದಲಾಯಿಸುತ್ತದೆ. ಆದ್ದರಿಂದ ಎ ಐ ತಿಳಿಸಿ ಉಪಯೋಗಿಸಿಕೊಳ್ಳಲು ಮತ್ತು ತಂತ್ರಜ್ಞಾನವನ್ನು ಅರ್ಥ ಮಾಡಿಕೊಂಡು ಬೋಧನೆಯಲ್ಲಿ ಅಳವಡಿಸಿಕೊಳ್ಳಬೇಕು ಎಂದು ತಿಳಿಸಿದರು. ಈ ಸಂದರ್ಭದಲ್ಲಿ ಕಾಲೇಜಿನ ಪ್ರಾಂಶುಪಾಲರು, ವಿದ್ಯಾವಾಹಿನಿ ಸಂಸ್ಥೆಯ ಕರಿಯರ್ ಡೆವಲಪ್ಮೆಂಟ್ ಸೆಂಟರ್‌ನ ಮುಖ್ಯಸ್ಥರಾದ ಡಾ. ಪ್ರಸನ್ನಕುಮಾರ್ ಟಿ.ಎಂ
ರವರು ಶಿಕ್ಷಣ ಮತ್ತು ಉದ್ಯಮ ಕ್ಷೇತ್ರಗಳಲ್ಲಿ ಎ ಐ ನ ಪ್ರಾಮುಖ್ಯತೆ ಕುರಿತು ವಿವರಿಸಿದರು. ಬಿಟಿಐ ಅಕಾಡೆಮಿಯ ಸಿಇಒ ಹಾಗೂ ಸಂಸ್ಥಾಪಕರು ಉದ್ಯಮ ಕ್ಷೇತ್ರದಲ್ಲಿ ಡೇಟಾ ಅನಾಲಿಟಿಕ್ಸ್ ಪ್ರಸ್ತುತತೆ, ಪ್ರಾಯೋಗಿಕ ಅನ್ವಯಿಕೆ ಮತ್ತು ಕೌಶಲಗಳ ಅಭಿವೃದ್ಧಿಯ ಕುರಿತು ಚರ್ಚಿಸಿದರು. ಬೆಂಗಳೂರಿನ ಕಾರ್ಪೊರೇಟ್ ಸಂಸ್ಥೆಯ ತರಬೇತುದಾರರು ಮೈಕ್ರೋಸಾಫ್ಟ್ ಪವರ್ ಬಿಐ ಪರಿಕರಗಳ ಕುರಿತು ಪ್ರಾಯೋಗಿಕ ತರಬೇತಿ ನೀಡಿದರು. ಕಾರ್ಯಕ್ರಮದಲ್ಲಿ ವಿವಿಧ ಕಾಲೇಜುಗಳ ಉಪನ್ಯಾಸಕರು ಭಾಗವಹಿಸಿದ್ದರು. ಕಾರ್ಯಕ್ರಮದಲ್ಲಿ ಬಿಸಿಎ ವಿಭಾಗದ ಮುಖ್ಯಸ್ಥರು ಸ್ವಾಗತಿಸಿ, ಉಪನ್ಯಾಸಕರು ವಂದಿಸಿದರು. ಹಾಗೂ ಕಾರ್ಯಕ್ರಮದ ಸಂಯೋಜಕರು ಕಾರ್ಯಕ್ರಮವನ್ನು ನಿರೂಪಿಸಿದರು.
ರಾಜ್ಯದಲ್ಲಿ ಪಕ್ಷ ಸಂಘಟಿಸಲು ಬದ್ಧ: ಕೆ.ಆರ್ ರಂಗನಾಥ್
ತುಮಕೂರು: ಸದೃಢ ಭಾರತವನ್ನು ಕಟ್ಟುವ ನಿಟ್ಟಿನಲ್ಲಿ ದೇಶದಲ್ಲಿ ಎನ್ ಡಿ ಎ ನೇತೃತ್ವದ ಮಿತ್ರ ಪಕ್ಷಗಳು ದೇಶವನ್ನು ಆಳುತ್ತಿದ್ದು ಈ ನಿಟ್ಟಿನಲ್ಲಿ ನಿತೀಶ್ ಕುಮಾರ್ ನೇತೃತ್ವದ ಜೆಡಿಯು ಪಕ್ಷ ಎನ್ ಡಿ ಎ ಯ ಅಂಗ ಪಕ್ಷ ವಾಗಿದ್ದು ರಾಜ್ಯದಲ್ಲಿ ಉತ್ತಮ ಆಡಳಿತ ನೀಡಲಿದೆ ಎಂದು ಜೆಡಿಯು ಪ್ರಧಾನ ಕಾರ್ಯದರ್ಶಿ ಕೆ.ಆರ್ ರಂಗನಾಥ್ ಅವರು ತಿಳಿಸಿದರು. ತುಮಕೂರು ಪಕ್ಷದ ಜಿಲ್ಲಾ ಕಚೇರಿಯಲ್ಲಿ ಜೆಡಿಯು ರಾಷ್ಟ್ರೀಯ ಅಧ್ಯಕ್ಷ ನಿತೀಶ್ ಕುಮಾರ್ ಅವರ 75 ಹುಟ್ಟುಹಬ್ಬದ ಪ್ರಯುಕ್ತ ಕೇಕ್ ಕಟ್ ಮಾಡಿ ಸಂಭ್ರಮಾಚರಣೆಯಲ್ಲಿ ಭಾಗಿಯಾಗಿ ಮಾತನಾಡಿದ ಅವರು ರಾಜ್ಯಾಧ್ಯಕ್ಷರಾದ ಜೆ.ಮಹಿಮಾ ಪಾಟೀಲ್ ಅವರ ಮಾರ್ಗದರ್ಶನದಲ್ಲಿ ಈಗಾಗಲೇ ಪಕ್ಷ ಸಂಘಟನೆ ಮತ್ತು ಸದಸ್ಯತ್ವ ನೋಂದಣಿ
ಆರಂಭಿಸಿದ್ದು ಉತ್ತಮ ಕಾರ್ಯಕಾರಿ ಸಮಿತಿ ರಚಿಸಲು ಪಕ್ಷ ಸಂಘಟನೆ ಮಾಡಲಾಗುವುದು ಎಂದರು. ನಮ್ಮ ಪಕ್ಷದ ವರಿಷ್ಠರಾದ ನಿತೀಶ್ ಕುಮಾರ್ ಮತ್ತು ರಾಜ್ಯಾಧ್ಯಕ್ಷರಾದ ಮಹಿಮಾ ಪಾಟೀಲ್ ಅವರ ಮಾರ್ಗದರ್ಶನದಲ್ಲಿ ಪಕ್ಷ ಸಂಘಟನೆ, ರೈತರ ಶ್ರಮಿಕರ ಕಾರ್ಮಿಕರ ಬಡವರ ಪರವಾದ
ಅತ್ಯುತ್ತಮ ಆಡಳಿತ ನೀಡಲು ಚಿಂತನೆಯನ್ನು ಹೊಂದಿದೆ ಎಂದರು. ಅಗ್ನೇಯ ಪದವೀಧರರ ಕ್ಷೇತ್ರಕ್ಕೆ ಈಗಾಗಲೇ ನವೆಂಬರ್‌ನಲ್ಲಿ ಚುನಾವಣಾ ಸೂಚನಾ ಕರಡು ಹೊರಬಂದಿದ್ದು ಜೂನ್ ಜುಲೈನಲ್ಲಿ ಚುನಾವಣೆ ನಡೆಯುವ ಸಾಧ್ಯತೆ ಇದ್ದು ಜೆಡಿಯು ಪಕ್ಷದಿಂದ ಎಂಎಲ್ಸಿ ಸ್ಥಾನಕ್ಕೆ ಡಾ.ನಾಗರಾಜ್ ಅವರು
ಅಧಿಕೃತ ಅಭ್ಯರ್ಥಿಯಾಗಿ ಹೊರಹೊಮ್ಮಿದ್ದಾರೆ. ಇದಕ್ಕೆ ಪೂರಕವಾಗಿ ಪಕ್ಷ ಸಂಘಟನೆ ಜೊತೆಗೆ ಸದಸ್ಯತ್ವ ಅಭಿಯಾನವನ್ನು ರಾಜ್ಯದಲ್ಲಿ ಉತ್ತಮವಾಗಿ ನಡೆಸಲು ಬದ್ಧರಾಗಿರುವುದಾಗಿ ಎಂದು ತಿಳಿಸಿದರು. ಜೆಡಿಯು ರಾಜ್ಯ ಯುವ ಘಟಕ ಪ್ರಧಾನ ಕಾರ್ಯದರ್ಶಿ ಹೇಮಂತ್ ಮಾತನಾಡಿ ಜೆಡಿಯು ರಾಷ್ಟ್ರೀಯ ಅಧ್ಯಕ್ಷರಾದ ನಿತೀಶ್ ಕುಮಾರ್ ಅವರ 75ನೇ ಹುಟ್ಟುಹಬ್ಬದ ಆಚರಣೆ ಸಂದರ್ಭದಲ್ಲಿ ಪಕ್ಷವನ್ನು ಸ್ಥಳೀಯ ಮಟ್ಟದಲ್ಲಿ ಕಟ್ಟಿ ಬೆಳೆಸಲು ಶ್ರಮಿಸುತ್ತೇವೆ ಎಂದು ತಿಳಿಸಿದರು. ಈ ಸಂದರ್ಭದಲ್ಲಿ ಜೆಡಿಯು ಜಿಲ್ಲಾಧ್ಯಕ್ಷ ರಂಗನಾಥ್ ಅವರು ಪಕ್ಷದ ಕಾರ್ಯಕರ್ತರಿಗೆ ಬದ್ಧವಾಗಿ ಕೆಲಸ ಮಾಡುವಂತೆ ತಿಳಿಸಿದರು. ಈ ಸಂದರ್ಭದಲ್ಲಿ ಹೆಚ್.ಎಸ್.ಸುರೇಶ್, ಮಂಜುನಾಥ್, ಪರಮೇಶ್ವರ್ ಸಿಂದಾ, ಬಣ್ಣ
ಚಿಕಿತ್ಸೆ ಫಲಕಾರಿಯಾಗದೆ
ಅಪರಿಚಿತ ಸಾವು
ತುಮಕೂರು: ಕೋರಾ ಪೊಲೀಸ್ ಠಾಣೆ ವ್ಯಾಪ್ತಿಯ ನಿರಾಶ್ರಿತ ಪರಿಹಾರ ಕೇಂದ್ರದಲ್ಲಿದ್ದ ಸುಮಾರು 40 ವರ್ಷದ ಅಪರಿಚಿತ ಗಂಡಸು ಚಿಕಿತ್ಸೆ ಫಲಕಾರಿಯಾಗದೆ ಮೃತಪಟ್ಟಿದ್ದು ಮೃತನ ವಾರಸುದಾರರು ಪತ್ತೆಯಾದಲ್ಲಿ ಠಾಣೆಗೆ ಮಾಹಿತಿ ನೀಡಬೇಕು. ಕಳೆದ ಕೆಲ ದಿನಗಳ ಹಿಂದೆ ಅನಾರೋಗ್ಯದಿಂದ ಬಳಲುತ್ತಿದ್ದ ಈತನನ್ನು ಚಿಕಿತ್ಸೆಗಾಗಿ ಜಿಲ್ಲಾಸ್ಪತ್ರೆಗೆ ದಾಖಲಿಸಲಾಗಿತ್ತು, ಚಿಕಿತ್ಸೆ ಫಲಕಾರಿಯಾಗದೆ 23ರಂದು ಸಾವನ್ನಪ್ಪಿದ್ದು ಶವವನ್ನು ಜಿಲ್ಲಾಸ್ಪತ್ರೆಯ ಶವಾಗಾರದಲ್ಲಿ ಇರಿಸಲಾಗಿದೆ. ಮೃತನ ಚಹರೆ: ದುಂಡು ಮುಖ, ಕಪ್ಪು ಮೈಬಣ್ಣ, ಸಾದಾ ಮೈಕಟ್ಟು ಹೊಂದಿದ್ದು ಸುಮಾರು 5.5 ಅಡಿ ಎತ್ತರವಿರುತ್ತಾನೆ. ಮೃತನ ವಾರಸುದಾರರು ಯಾರಾದರೂ ಇದ್ದಲ್ಲಿ ಪೊಲೀಸ್ ಠಾಣೆಯನ್ನು ಸಂಪರ್ಕಿಸಬೇಕು. ಫೋನ್: 0816-2278000, 2272340/ 2275301/ 2242006, ಮೊ.ನಂ.9480802900-20-31-49ನ್ನು ಸಂಪರ್ಕಿಸಬೇಕೆಂದು ಪೊಲೀಸ್ ಸಬ್ ಇನ್ಸ್‌ಪೆಕ್ಟರ್ ಮನವಿ ಮಾಡಿದ್ದಾರೆ.
